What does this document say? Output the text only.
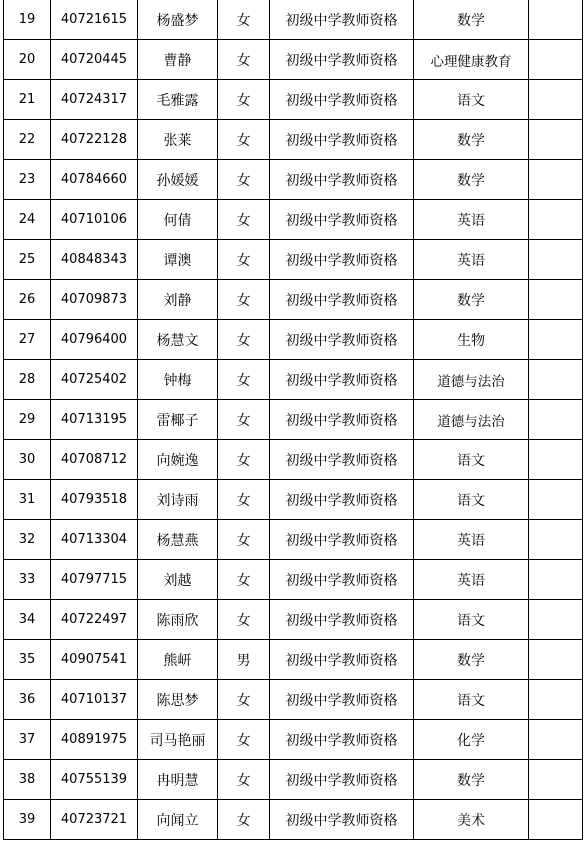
19	40721615	杨盛梦	女	初级中学教师资格	数学	
20	40720445	曹静	女	初级中学教师资格	心理健康教育	
21	40724317	毛雅露	女	初级中学教师资格	语文	
22	40722128	张莱	女	初级中学教师资格	数学	
23	40784660	孙媛媛	女	初级中学教师资格	数学	
24	40710106	何倩	女	初级中学教师资格	英语	
25	40848343	谭澳	女	初级中学教师资格	英语	
26	40709873	刘静	女	初级中学教师资格	数学	
27	40796400	杨慧文	女	初级中学教师资格	生物	
28	40725402	钟梅	女	初级中学教师资格	道德与法治	
29	40713195	雷椰子	女	初级中学教师资格	道德与法治	
30	40708712	向婉逸	女	初级中学教师资格	语文	
31	40793518	刘诗雨	女	初级中学教师资格	语文	
32	40713304	杨慧燕	女	初级中学教师资格	英语	
33	40797715	刘越	女	初级中学教师资格	英语	
34	40722497	陈雨欣	女	初级中学教师资格	语文	
35	40907541	熊岍	男	初级中学教师资格	数学	
36	40710137	陈思梦	女	初级中学教师资格	语文	
37	40891975	司马艳丽	女	初级中学教师资格	化学	
38	40755139	冉明慧	女	初级中学教师资格	数学	
39	40723721	向闻立	女	初级中学教师资格	美术	
